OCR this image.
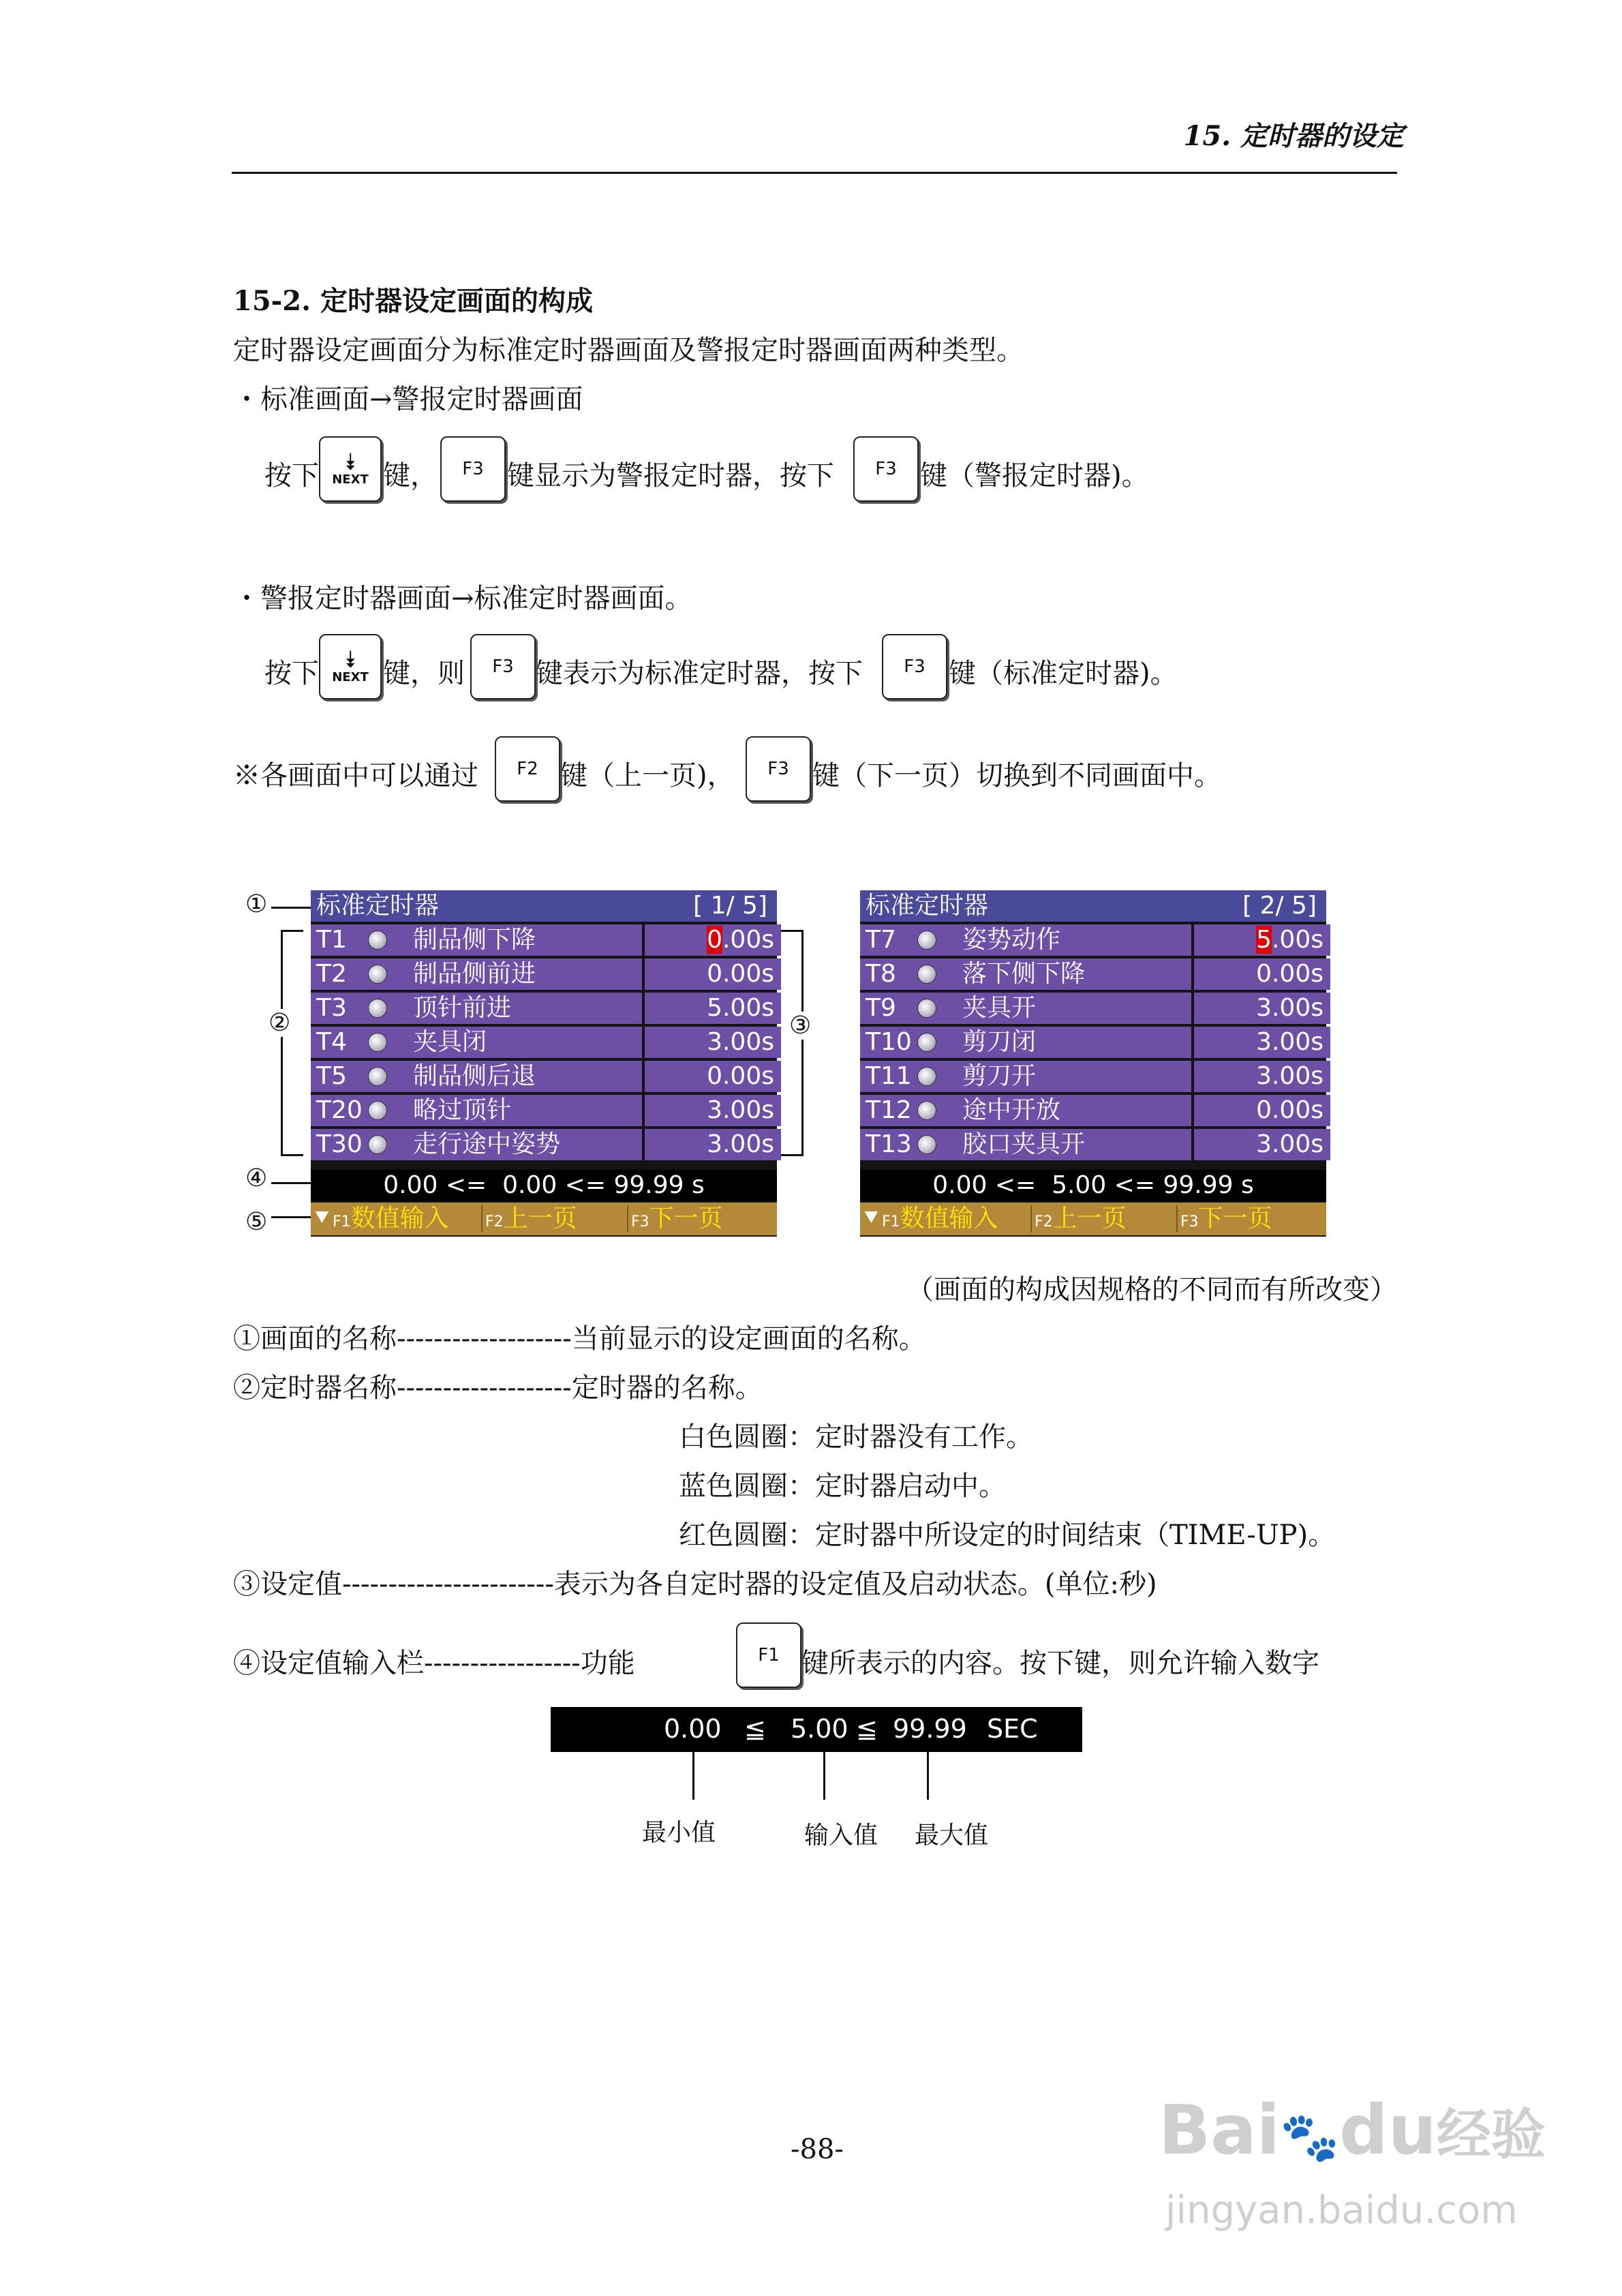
15. 定时器的设定
15-2. 定时器设定画面的构成
定时器设定画面分为标准定时器画面及警报定时器画面两种类型。
・标准画面→警报定时器画面
按下 ⯯
NEXT 键，	F3 键显示为警报定时器，按下	F3 键（警报定时器)。
・警报定时器画面→标准定时器画面。
按下 ⯯
NEXT 键，则	F3 键表示为标准定时器，按下	F3 键（标准定时器)。
※各画面中可以通过	F2 键（上一页)，	F3 键（下一页）切换到不同画面中。
标准定时器	[ 1/ 5]
T1	制品侧下降	0.00s
T2	制品侧前进	0.00s
T3	顶针前进	5.00s
T4	夹具闭	3.00s
T5	制品侧后退	0.00s
T20 略过顶针	3.00s
T30 走行途中姿势	3.00s
0.00 <=  0.00 <= 99.99 s
⯆ F1数值输入 F2上一页	F3下一页
标准定时器	[ 2/ 5]
T7	姿势动作	5.00s
T8	落下侧下降	0.00s
T9	夹具开	3.00s
T10 剪刀闭	3.00s
T11 剪刀开	3.00s
T12 途中开放	0.00s
T13 胶口夹具开	3.00s
0.00 <=  5.00 <= 99.99 s
⯆ F1数值输入 F2上一页	F3下一页
①
②	③
④
⑤
（画面的构成因规格的不同而有所改变）
①画面的名称-------------------当前显示的设定画面的名称。
②定时器名称-------------------定时器的名称。
白色圆圈：定时器没有工作。
蓝色圆圈：定时器启动中。
红色圆圈：定时器中所设定的时间结束（TIME-UP)。
③设定值-----------------------表示为各自定时器的设定值及启动状态。(单位:秒)
④设定值输入栏-----------------功能	F1 键所表示的内容。按下键，则允许输入数字
0.00 ≦ 5.00 ≦ 99.99 SEC
最小值	输入值 最大值
-88-	Bai🐾du经验
jingyan.baidu.com
